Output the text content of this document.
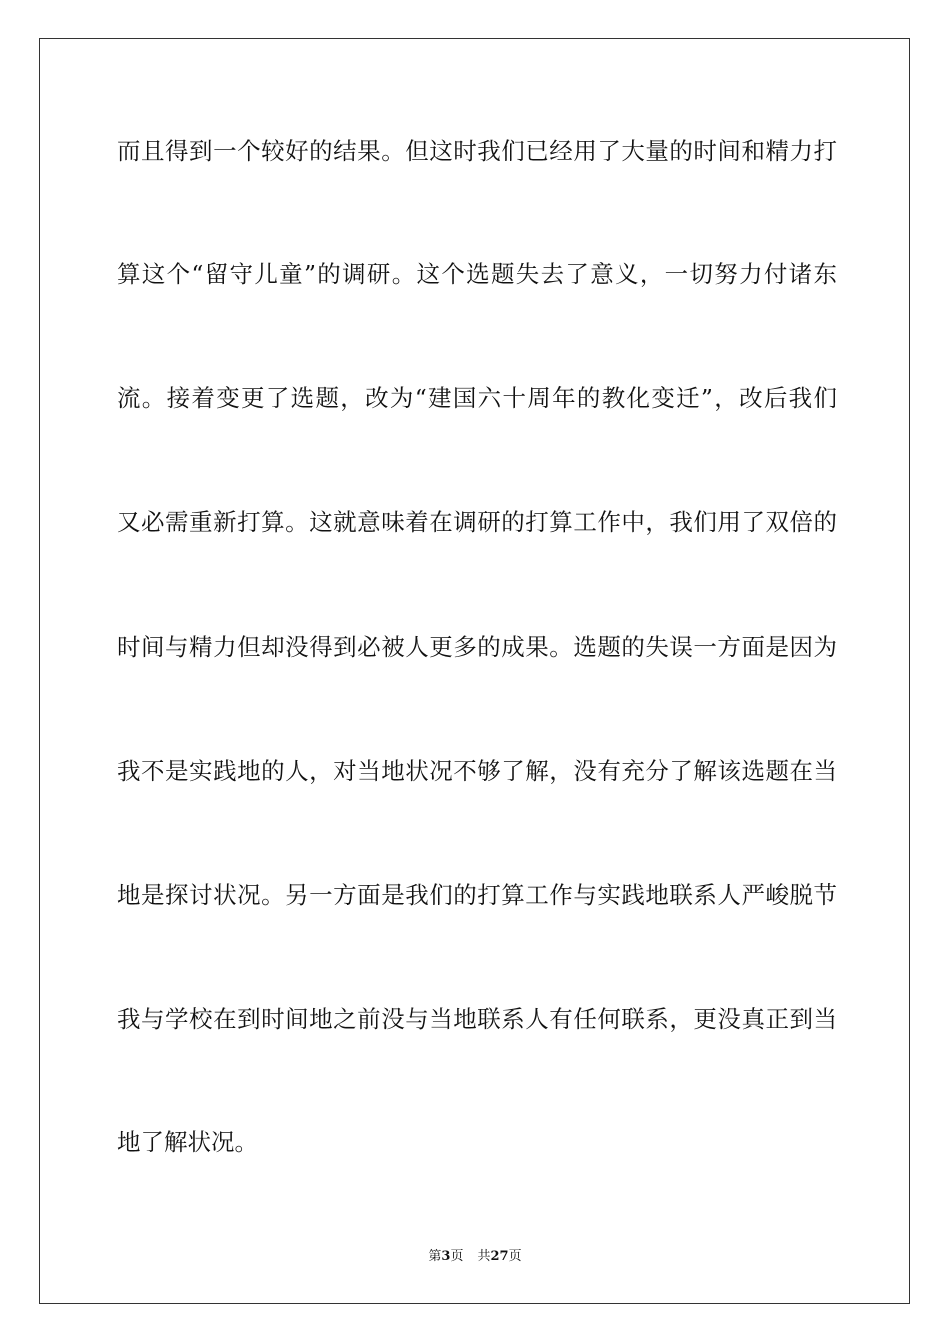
而且得到一个较好的结果。但这时我们已经用了大量的时间和精力打
算这个“留守儿童”的调研。这个选题失去了意义，一切努力付诸东
流。接着变更了选题，改为“建国六十周年的教化变迁”，改后我们
又必需重新打算。这就意味着在调研的打算工作中，我们用了双倍的
时间与精力但却没得到必被人更多的成果。选题的失误一方面是因为
我不是实践地的人，对当地状况不够了解，没有充分了解该选题在当
地是探讨状况。另一方面是我们的打算工作与实践地联系人严峻脱节
我与学校在到时间地之前没与当地联系人有任何联系，更没真正到当
地了解状况。
第3页 共27页
